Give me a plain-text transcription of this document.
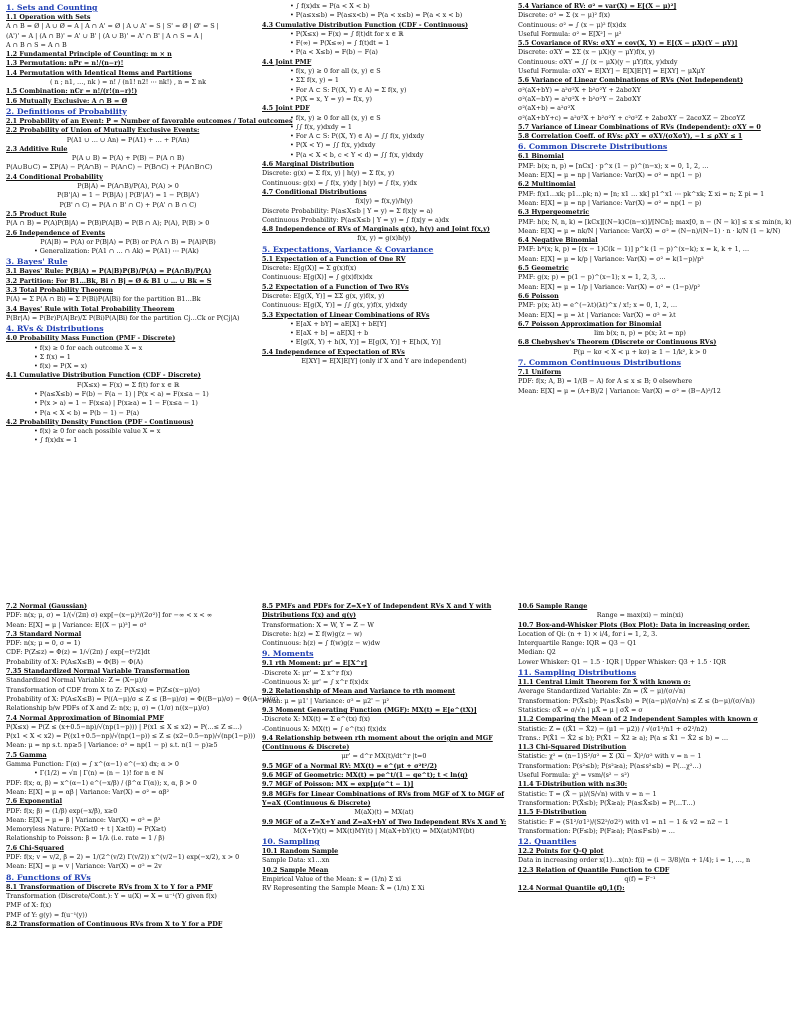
1. Sets and Counting
1.1 Operation with Sets
A ∩ B = Ø | A ∪ Ø = A | A ∩ A' = Ø | A ∪ A' = S | S' = Ø | Ø' = S |
(A')' = A | (A ∩ B)' = A' ∪ B' | (A ∪ B)' = A' ∩ B' | A ∩ S = A |
A ∩ B ∩ S = A ∩ B
1.2 Fundamental Principle of Counting: m × n
1.3 Permutation: nPr = n!/(n−r)!
1.4 Permutation with Identical Items and Partitions
( n ; n1, …, nk ) = n! / (n1! n2! ⋯ nk!) , n = Σ nk
1.5 Combination: nCr = n!/(r!(n−r)!)
1.6 Mutually Exclusive: A ∩ B = Ø
2. Definitions of Probability
2.1 Probability of an Event: P = Number of favorable outcomes / Total outcomes
2.2 Probability of Union of Mutually Exclusive Events:
P(A1 ∪ … ∪ An) = P(A1) + … + P(An)
2.3 Additive Rule
P(A ∪ B) = P(A) + P(B) − P(A ∩ B)
P(A∪B∪C) = ΣP(A) − P(A∩B) − P(A∩C) − P(B∩C) + P(A∩B∩C)
2.4 Conditional Probability
P(B|A) = P(A∩B)/P(A), P(A) > 0
P(B'|A) = 1 − P(B|A) | P(B'|A') = 1 − P(B|A')
P(B' ∩ C) = P(A ∩ B' ∩ C) + P(A' ∩ B ∩ C)
2.5 Product Rule
P(A ∩ B) = P(A)P(B|A) = P(B)P(A|B) = P(B ∩ A); P(A), P(B) > 0
2.6 Independence of Events
P(A|B) = P(A) or P(B|A) = P(B) or P(A ∩ B) = P(A)P(B)
• Generalization: P(A1 ∩ … ∩ Ak) = P(A1) ⋯ P(Ak)
3. Bayes' Rule
3.1 Bayes' Rule: P(B|A) = P(A|B)P(B)/P(A) = P(A∩B)/P(A)
3.2 Partition: For B1…Bk, Bi ∩ Bj = Ø & B1 ∪ … ∪ Bk = S
3.3 Total Probability Theorem
P(A) = Σ P(A ∩ Bi) = Σ P(Bi)P(A|Bi) for the partition B1…Bk
3.4 Bayes' Rule with Total Probability Theorem
P(Br|A) = P(Br)P(A|Br)/Σ P(Bi)P(A|Bi) for the partition Cj…Ck or P(Cj|A)
4. RVs & Distributions
4.0 Probability Mass Function (PMF - Discrete)
• f(x) ≥ 0 for each outcome X = x
• Σ f(x) = 1
• f(x) = P(X = x)
4.1 Cumulative Distribution Function (CDF - Discrete)
F(X≤x) = F(x) = Σ f(t) for x ∈ ℝ
• P(a≤X≤b) = F(b) − F(a − 1) | P(x < a) = F(x≤a − 1)
• P(x > a) = 1 − F(x≤a) | P(x≥a) = 1 − F(x≤a − 1)
• P(a < X < b) = P(b − 1) − P(a)
4.2 Probability Density Function (PDF - Continuous)
• f(x) ≥ 0 for each possible value X = x
• ∫ f(x)dx = 1
• ∫ f(x)dx = P(a < X < b)
• P(a≤x≤b) = P(a≤x<b) = P(a < x≤b) = P(a < x < b)
4.3 Cumulative Distribution Function (CDF - Continuous)
• P(X≤x) = F(x) = ∫ f(t)dt for x ∈ ℝ
• F(∞) = P(X≤∞) = ∫ f(t)dt = 1
• P(a < X≤b) = F(b) − F(a)
4.4 Joint PMF
• f(x, y) ≥ 0 for all (x, y) ∈ S
• ΣΣ f(x, y) = 1
• For A ⊂ S: P((X, Y) ∈ A) = Σ f(x, y)
• P(X = x, Y = y) = f(x, y)
4.5 Joint PDF
• f(x, y) ≥ 0 for all (x, y) ∈ S
• ∫∫ f(x, y)dxdy = 1
• For A ⊂ S: P((X, Y) ∈ A) = ∫∫ f(x, y)dxdy
• P(X < Y) = ∫∫ f(x, y)dxdy
• P(a < X < b, c < Y < d) = ∫∫ f(x, y)dxdy
4.6 Marginal Distribution
Discrete: g(x) = Σ f(x, y) | h(y) = Σ f(x, y)
Continuous: g(x) = ∫ f(x, y)dy | h(y) = ∫ f(x, y)dx
4.7 Conditional Distributions
f(x|y) = f(x,y)/h(y)
Discrete Probability: P(a≤X≤b | Y = y) = Σ f(x|y = a)
Continuous Probability: P(a≤X≤b | Y = y) = ∫ f(x|y = a)dx
4.8 Independence of RVs of Marginals g(x), h(y) and Joint f(x,y)
f(x, y) = g(x)h(y)
5. Expectations, Variance & Covariance
5.1 Expectation of a Function of One RV
Discrete: E[g(X)] = Σ g(x)f(x)
Continuous: E[g(X)] = ∫ g(x)f(x)dx
5.2 Expectation of a Function of Two RVs
Discrete: E[g(X, Y)] = ΣΣ g(x, y)f(x, y)
Continuous: E[g(X, Y)] = ∫∫ g(x, y)f(x, y)dxdy
5.3 Expectation of Linear Combinations of RVs
• E[aX + bY] = aE[X] + bE[Y]
• E[aX + b] = aE[X] + b
• E[g(X, Y) + h(X, Y)] = E[g(X, Y)] + E[h(X, Y)]
5.4 Independence of Expectation of RVs
E[XY] = E[X]E[Y] (only if X and Y are independent)
5.4 Variance of RV: σ² = var(X) = E[(X − μ)²]
Discrete: σ² = Σ (x − μ)² f(x)
Continuous: σ² = ∫ (x − μ)² f(x)dx
Useful Formula: σ² = E[X²] − μ²
5.5 Covariance of RVs: σXY = cov(X, Y) = E[(X − μX)(Y − μY)]
Discrete: σXY = ΣΣ (x − μX)(y − μY)f(x, y)
Continuous: σXY = ∫∫ (x − μX)(y − μY)f(x, y)dxdy
Useful Formula: σXY = E[XY] − E[X]E[Y] = E[XY] − μXμY
5.6 Variance of Linear Combinations of RVs (Not Independent)
σ²(aX+bY) = a²σ²X + b²σ²Y + 2abσXY
σ²(aX−bY) = a²σ²X + b²σ²Y − 2abσXY
σ²(aX+b) = a²σ²X
σ²(aX+bY+c) = a²σ²X + b²σ²Y + c²σ²Z + 2abσXY − 2acσXZ − 2bcσYZ
5.7 Variance of Linear Combinations of RVs (Independent): σXY = 0
5.8 Correlation Coeff. of RVs: ρXY = σXY/(σXσY), −1 ≤ ρXY ≤ 1
6. Common Discrete Distributions
6.1 Binomial
PMF: b(x; n, p) = [nCx] · p^x (1 − p)^(n−x); x = 0, 1, 2, …
Mean: E[X] = μ = np | Variance: Var(X) = σ² = np(1 − p)
6.2 Multinomial
PMF: f(x1…xk; p1…pk; n) = [n; x1 … xk] p1^x1 ⋯ pk^xk; Σ xi = n; Σ pi = 1
Mean: E[X] = μ = np | Variance: Var(X) = σ² = np(1 − p)
6.3 Hypergeometric
PMF: h(x; N, n, k) = [kCx][(N−k)C(n−x)]/[NCn]; max[0, n − (N − k)] ≤ x ≤ min(n, k)
Mean: E[X] = μ = nk/N | Variance: Var(X) = σ² = (N−n)/(N−1) · n · k/N (1 − k/N)
6.4 Negative Binomial
PMF: b*(x; k, p) = [(x − 1)C(k − 1)] p^k (1 − p)^(x−k); x = k, k + 1, …
Mean: E[X] = μ = k/p | Variance: Var(X) = σ² = k(1−p)/p²
6.5 Geometric
PMF: g(x; p) = p(1 − p)^(x−1); x = 1, 2, 3, …
Mean: E[X] = μ = 1/p | Variance: Var(X) = σ² = (1−p)/p²
6.6 Poisson
PMF: p(x; λt) = e^(−λt)(λt)^x / x!; x = 0, 1, 2, …
Mean: E[X] = μ = λt | Variance: Var(X) = σ² = λt
6.7 Poisson Approximation for Binomial
lim b(x; n, p) = p(x; λt = np)
6.8 Chebyshev's Theorem (Discrete or Continuous RVs)
P(μ − kσ < X < μ + kσ) ≥ 1 − 1/k², k > 0
7. Common Continuous Distributions
7.1 Uniform
PDF: f(x; A, B) = 1/(B − A) for A ≤ x ≤ B; 0 elsewhere
Mean: E[X] = μ = (A+B)/2 | Variance: Var(X) = σ² = (B−A)²/12
7.2 Normal (Gaussian)
PDF: n(x; μ, σ) = 1/(√(2π) σ) exp[−(x−μ)²/(2σ²)] for −∞ < x < ∞
Mean: E[X] = μ | Variance: E[(X − μ)²] = σ²
7.3 Standard Normal
PDF: n(x; μ = 0, σ = 1)
CDF: P(Z≤z) = Φ(z) = 1/√(2π) ∫ exp[−t²/2]dt
Probability of X: P(A≤X≤B) = Φ(B) − Φ(A)
7.35 Standardized Normal Variable Transformation
Standardized Normal Variable: Z = (X−μ)/σ
Transformation of CDF from X to Z: P(X≤x) = P(Z≤(x−μ)/σ)
Probability of X: P(A≤X≤B) = P((A−μ)/σ ≤ Z ≤ (B−μ)/σ) = Φ((B−μ)/σ) − Φ((A−μ)/σ)
Relationship b/w PDFs of X and Z: n(x; μ, σ) = (1/σ) n((x−μ)/σ)
7.4 Normal Approximation of Binomial PMF
P(X≤x) = P(Z ≤ (x+0.5−np)/√(np(1−p))) | P(x1 ≤ X ≤ x2) = P(…≤ Z ≤…)
P(x1 < X < x2) = P((x1+0.5−np)/√(np(1−p)) ≤ Z ≤ (x2−0.5−np)/√(np(1−p)))
Mean: μ = np s.t. np≥5 | Variance: σ² = np(1 − p) s.t. n(1 − p)≥5
7.5 Gamma
Gamma Function: Γ(α) = ∫ x^(α−1) e^(−x) dx; α > 0
• Γ(1/2) = √π | Γ(n) = (n − 1)! for n ∈ ℕ
PDF: f(x; α, β) = x^(α−1) e^(−x/β) / (β^α Γ(α)); x, α, β > 0
Mean: E[X] = μ = αβ | Variance: Var(X) = σ² = αβ²
7.6 Exponential
PDF: f(x; β) = (1/β) exp(−x/β), x≥0
Mean: E[X] = μ = β | Variance: Var(X) = σ² = β²
Memoryless Nature: P(X≥t0 + t | X≥t0) = P(X≥t)
Relationship to Poisson: β = 1/λ (i.e. rate = 1 / β)
7.6 Chi-Squared
PDF: f(x; v = v/2, β = 2) = 1/(2^(v/2) Γ(v/2)) x^(v/2−1) exp(−x/2), x > 0
Mean: E[X] = μ = v | Variance: Var(X) = σ² = 2v
8. Functions of RVs
8.1 Transformation of Discrete RVs from X to Y for a PMF
Transformation (Discrete/Cont.): Y = u(X) ⇒ X = u⁻¹(Y) given f(x)
PMF of X: f(x)
PMF of Y: g(y) = f(u⁻¹(y))
8.2 Transformation of Continuous RVs from X to Y for a PDF
8.5 PMFs and PDFs for Z=X+Y of Independent RVs X and Y with
Distributions f(x) and g(y)
Transformation: X = W, Y = Z − W
Discrete: h(z) = Σ f(w)g(z − w)
Continuous: h(z) = ∫ f(w)g(z − w)dw
9. Moments
9.1 rth Moment: μr' = E[X^r]
-Discrete X: μr' = Σ x^r f(x)
-Continuous X: μr' = ∫ x^r f(x)dx
9.2 Relationship of Mean and Variance to rth moment
Mean: μ = μ1' | Variance: σ² = μ2' − μ²
9.3 Moment Generating Function (MGF): MX(t) = E[e^(tX)]
-Discrete X: MX(t) = Σ e^(tx) f(x)
-Continuous X: MX(t) = ∫ e^(tx) f(x)dx
9.4 Relationship between rth moment about the origin and MGF
(Continuous & Discrete)
μr' = d^r MX(t)/dt^r |t=0
9.5 MGF of a Normal RV: MX(t) = e^(μt + σ²t²/2)
9.6 MGF of Geometric: MX(t) = pe^t/(1 − qe^t); t < ln(q)
9.7 MGF of Poisson: MX = exp[μ(e^t − 1)]
9.8 MGFs for Linear Combinations of RVs from MGF of X to MGF of
Y=aX (Continuous & Discrete)
M(aX)(t) = MX(at)
9.9 MGF of a Z=X+Y and Z=aX+bY of Two Independent RVs X and Y:
M(X+Y)(t) = MX(t)MY(t) | M(aX+bY)(t) = MX(at)MY(bt)
10. Sampling
10.1 Random Sample
Sample Data: x1…xn
10.2 Sample Mean
Empirical Value of the Mean: x̄ = (1/n) Σ xi
RV Representing the Sample Mean: X̄ = (1/n) Σ Xi
10.6 Sample Range
Range = max(xi) − min(xi)
10.7 Box-and-Whisker Plots (Box Plot): Data in increasing order.
Location of Qi: (n + 1) × i/4, for i = 1, 2, 3.
Interquartile Range: IQR = Q3 − Q1
Median: Q2
Lower Whisker: Q1 − 1.5 · IQR | Upper Whisker: Q3 + 1.5 · IQR
11. Sampling Distributions
11.1 Central Limit Theorem for X̄ with known σ:
Average Standardized Variable: Zn = (X̄ − μ)/(σ/√n)
Transformation: P(X̄≤b); P(a≤X̄≤b) = P((a−μ)/(σ/√n) ≤ Z ≤ (b−μ)/(σ/√n))
Statistics: σX̄ = σ/√n | μX̄ = μ | σX̄ = σ
11.2 Comparing the Mean of 2 Independent Samples with known σ
Statistic: Z = ((X̄1 − X̄2) − (μ1 − μ2)) / √(σ1²/n1 + σ2²/n2)
Trans.: P(X̄1 − X̄2 ≤ b); P(X̄1 − X̄2 ≥ a); P(a ≤ X̄1 − X̄2 ≤ b) = …
11.3 Chi-Squared Distribution
Statistic: χ² = (n−1)S²/σ² = Σ (Xi − X̄)²/σ² with v = n − 1
Transformation: P(s²≤b); P(s²≥a); P(a≤s²≤b) = P(…χ²…)
Useful Formula: χ² = vsm/(s² − s²)
11.4 T-Distribution with n≤30:
Statistic: T = (X̄ − μ)/(S/√n) with v = n − 1
Transformation: P(X̄≤b); P(X̄≥a); P(a≤X̄≤b) = P(…T…)
11.5 F-Distribution
Statistic: F = (S1²/σ1²)/(S2²/σ2²) with v1 = n1 − 1 & v2 = n2 − 1
Transformation: P(F≤b); P(F≥a); P(a≤F≤b) = …
12. Quantiles
12.2 Points for Q-Q plot
Data in increasing order x(1)…x(n): f(i) = (i − 3/8)/(n + 1/4); i = 1, …, n
12.3 Relation of Quantile Function to CDF
q(f) = F⁻¹
12.4 Normal Quantile q0,1(f):
